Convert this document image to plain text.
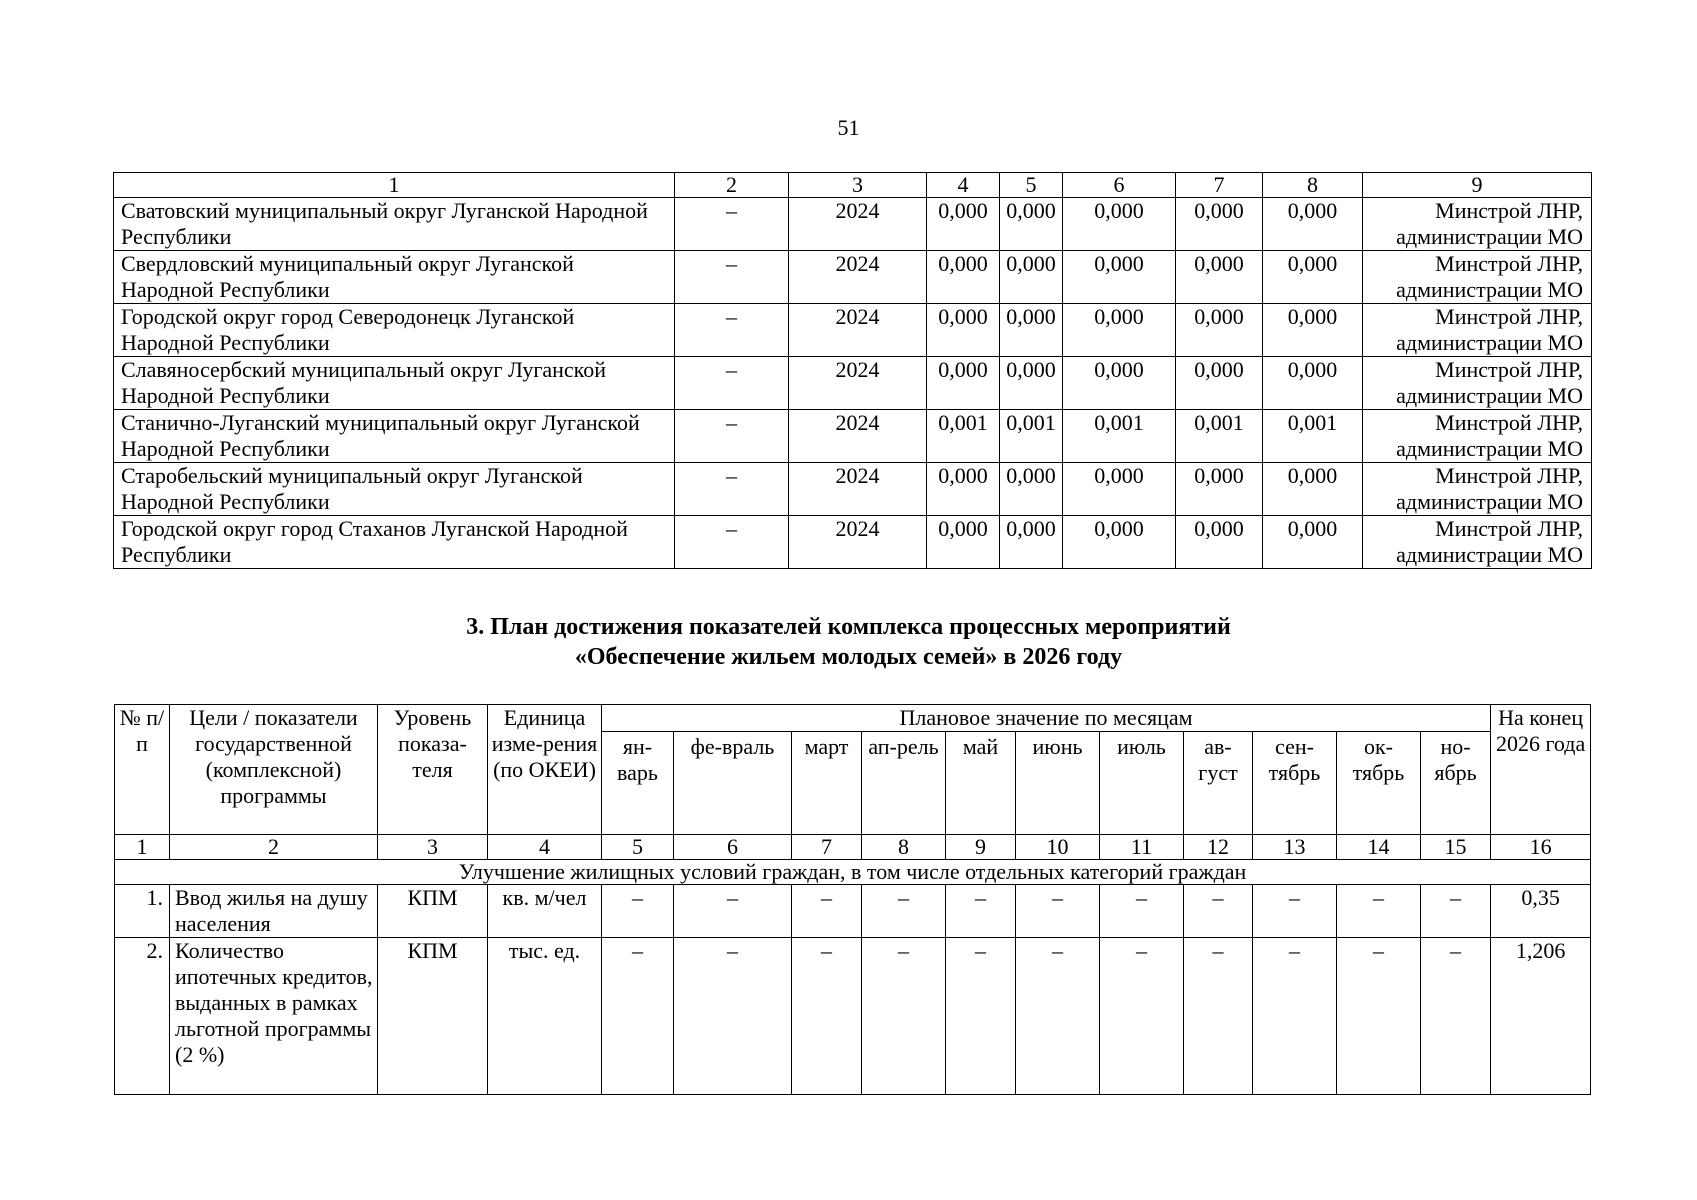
51
1	2	3	4	5	6	7	8	9
Сватовский муниципальный округ Луганской Народной Республики	–	2024	0,000	0,000	0,000	0,000	0,000	Минстрой ЛНР,
администрации МО

Свердловский муниципальный округ Луганской Народной Республики	–	2024	0,000	0,000	0,000	0,000	0,000	Минстрой ЛНР,
администрации МО

Городской округ город Северодонецк Луганской Народной Республики	–	2024	0,000	0,000	0,000	0,000	0,000	Минстрой ЛНР,
администрации МО

Славяносербский муниципальный округ Луганской Народной Республики	–	2024	0,000	0,000	0,000	0,000	0,000	Минстрой ЛНР,
администрации МО

Станично-Луганский муниципальный округ Луганской Народной Республики	–	2024	0,001	0,001	0,001	0,001	0,001	Минстрой ЛНР,
администрации МО

Старобельский муниципальный округ Луганской Народной Республики	–	2024	0,000	0,000	0,000	0,000	0,000	Минстрой ЛНР,
администрации МО

Городской округ город Стаханов Луганской Народной Республики	–	2024	0,000	0,000	0,000	0,000	0,000	Минстрой ЛНР,
администрации МО
3. План достижения показателей комплекса процессных мероприятий
«Обеспечение жильем молодых семей» в 2026 году
№ п/п	Цели / показатели государственной (комплексной) программы	Уровень показа-теля	Единица изме-рения (по ОКЕИ)	Плановое значение по месяцам											На конец 2026 года
				ян-варь	фе-враль	март	ап-рель	май	июнь	июль	ав-густ	сен-тябрь	ок-тябрь	но-ябрь	
1	2	3	4	5	6	7	8	9	10	11	12	13	14	15	16
Улучшение жилищных условий граждан, в том числе отдельных категорий граждан															
1.	Ввод жилья на душу населения	КПМ	кв. м/чел	–	–	–	–	–	–	–	–	–	–	–	0,35
2.	Количество ипотечных кредитов, выданных в рамках льготной программы (2 %)	КПМ	тыс. ед.	–	–	–	–	–	–	–	–	–	–	–	1,206
